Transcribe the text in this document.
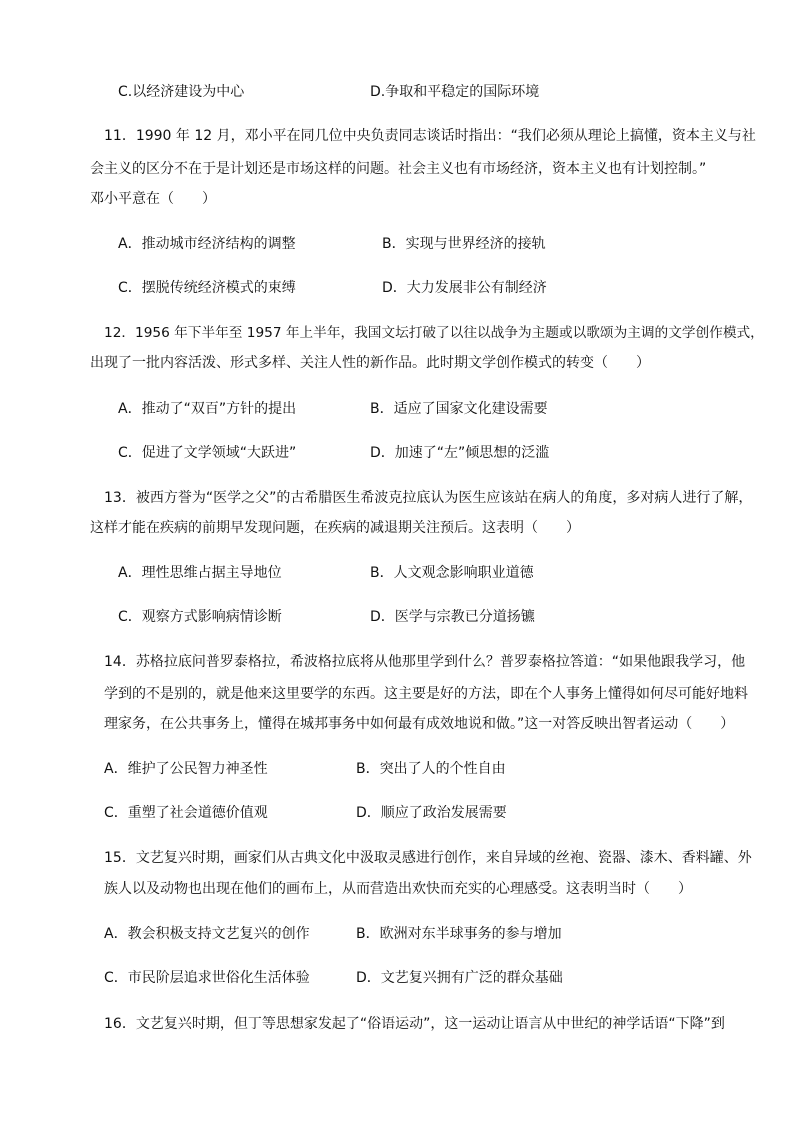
C.以经济建设为中心	D.争取和平稳定的国际环境
11．1990 年 12 月，邓小平在同几位中央负责同志谈话时指出：“我们必须从理论上搞懂，资本主义与社
会主义的区分不在于是计划还是市场这样的问题。社会主义也有市场经济，资本主义也有计划控制。”
邓小平意在（　　）
A．推动城市经济结构的调整	B．实现与世界经济的接轨
C．摆脱传统经济模式的束缚	D．大力发展非公有制经济
12．1956 年下半年至 1957 年上半年，我国文坛打破了以往以战争为主题或以歌颂为主调的文学创作模式，
出现了一批内容活泼、形式多样、关注人性的新作品。此时期文学创作模式的转变（　　）
A．推动了“双百”方针的提出	B．适应了国家文化建设需要
C．促进了文学领域“大跃进”	D．加速了“左”倾思想的泛滥
13．被西方誉为“医学之父”的古希腊医生希波克拉底认为医生应该站在病人的角度，多对病人进行了解，
这样才能在疾病的前期早发现问题，在疾病的减退期关注预后。这表明（　　）
A．理性思维占据主导地位	B．人文观念影响职业道德
C．观察方式影响病情诊断	D．医学与宗教已分道扬镳
14．苏格拉底问普罗泰格拉，希波格拉底将从他那里学到什么？普罗泰格拉答道：“如果他跟我学习，他
学到的不是别的，就是他来这里要学的东西。这主要是好的方法，即在个人事务上懂得如何尽可能好地料
理家务，在公共事务上，懂得在城邦事务中如何最有成效地说和做。”这一对答反映出智者运动（　　）
A．维护了公民智力神圣性	B．突出了人的个性自由
C．重塑了社会道德价值观	D．顺应了政治发展需要
15．文艺复兴时期，画家们从古典文化中汲取灵感进行创作，来自异域的丝袍、瓷器、漆木、香料罐、外
族人以及动物也出现在他们的画布上，从而营造出欢快而充实的心理感受。这表明当时（　　）
A．教会积极支持文艺复兴的创作	B．欧洲对东半球事务的参与增加
C．市民阶层追求世俗化生活体验	D．文艺复兴拥有广泛的群众基础
16．文艺复兴时期，但丁等思想家发起了“俗语运动”，这一运动让语言从中世纪的神学话语“下降”到
